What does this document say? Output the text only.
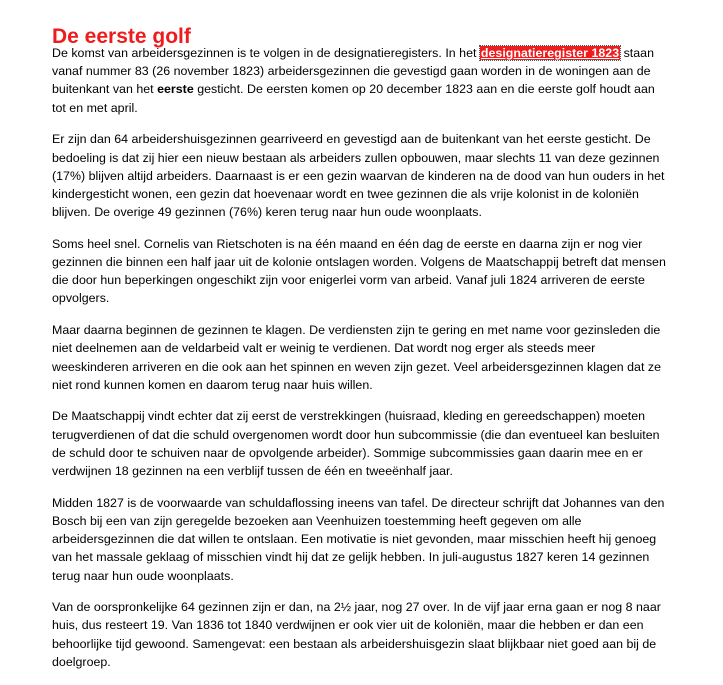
De eerste golf

De komst van arbeidersgezinnen is te volgen in de designatieregisters. In het designatieregister 1823 staan vanaf nummer 83 (26 november 1823) arbeidersgezinnen die gevestigd gaan worden in de woningen aan de buitenkant van het eerste gesticht. De eersten komen op 20 december 1823 aan en die eerste golf houdt aan tot en met april.

Er zijn dan 64 arbeidershuisgezinnen gearriveerd en gevestigd aan de buitenkant van het eerste gesticht. De bedoeling is dat zij hier een nieuw bestaan als arbeiders zullen opbouwen, maar slechts 11 van deze gezinnen (17%) blijven altijd arbeiders. Daarnaast is er een gezin waarvan de kinderen na de dood van hun ouders in het kindergesticht wonen, een gezin dat hoevenaar wordt en twee gezinnen die als vrije kolonist in de koloniën blijven. De overige 49 gezinnen (76%) keren terug naar hun oude woonplaats.

Soms heel snel. Cornelis van Rietschoten is na één maand en één dag de eerste en daarna zijn er nog vier gezinnen die binnen een half jaar uit de kolonie ontslagen worden. Volgens de Maatschappij betreft dat mensen die door hun beperkingen ongeschikt zijn voor enigerlei vorm van arbeid. Vanaf juli 1824 arriveren de eerste opvolgers.

Maar daarna beginnen de gezinnen te klagen. De verdiensten zijn te gering en met name voor gezinsleden die niet deelnemen aan de veldarbeid valt er weinig te verdienen. Dat wordt nog erger als steeds meer weeskinderen arriveren en die ook aan het spinnen en weven zijn gezet. Veel arbeidersgezinnen klagen dat ze niet rond kunnen komen en daarom terug naar huis willen.

De Maatschappij vindt echter dat zij eerst de verstrekkingen (huisraad, kleding en gereedschappen) moeten terugverdienen of dat die schuld overgenomen wordt door hun subcommissie (die dan eventueel kan besluiten de schuld door te schuiven naar de opvolgende arbeider). Sommige subcommissies gaan daarin mee en er verdwijnen 18 gezinnen na een verblijf tussen de één en tweeënhalf jaar.

Midden 1827 is de voorwaarde van schuldaflossing ineens van tafel. De directeur schrijft dat Johannes van den Bosch bij een van zijn geregelde bezoeken aan Veenhuizen toestemming heeft gegeven om alle arbeidersgezinnen die dat willen te ontslaan. Een motivatie is niet gevonden, maar misschien heeft hij genoeg van het massale geklaag of misschien vindt hij dat ze gelijk hebben. In juli-augustus 1827 keren 14 gezinnen terug naar hun oude woonplaats.

Van de oorspronkelijke 64 gezinnen zijn er dan, na 2½ jaar, nog 27 over. In de vijf jaar erna gaan er nog 8 naar huis, dus resteert 19. Van 1836 tot 1840 verdwijnen er ook vier uit de koloniën, maar die hebben er dan een behoorlijke tijd gewoond. Samengevat: een bestaan als arbeidershuisgezin slaat blijkbaar niet goed aan bij de doelgroep.
